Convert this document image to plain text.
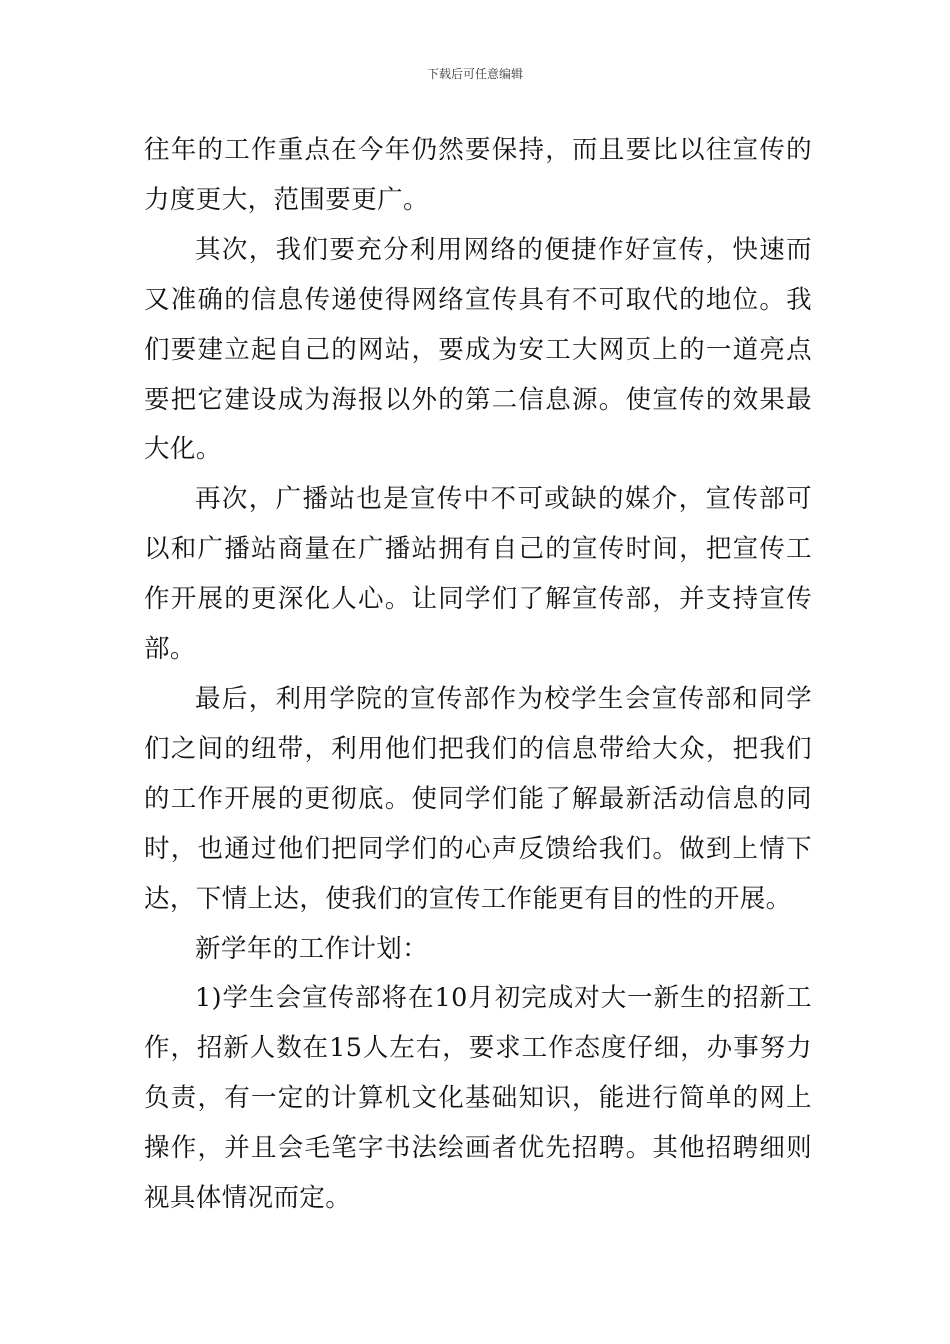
下载后可任意编辑

往年的工作重点在今年仍然要保持，而且要比以往宣传的力度更大，范围要更广。

其次，我们要充分利用网络的便捷作好宣传，快速而又准确的信息传递使得网络宣传具有不可取代的地位。我们要建立起自己的网站，要成为安工大网页上的一道亮点要把它建设成为海报以外的第二信息源。使宣传的效果最大化。

再次，广播站也是宣传中不可或缺的媒介，宣传部可以和广播站商量在广播站拥有自己的宣传时间，把宣传工作开展的更深化人心。让同学们了解宣传部，并支持宣传部。

最后，利用学院的宣传部作为校学生会宣传部和同学们之间的纽带，利用他们把我们的信息带给大众，把我们的工作开展的更彻底。使同学们能了解最新活动信息的同时，也通过他们把同学们的心声反馈给我们。做到上情下达，下情上达，使我们的宣传工作能更有目的性的开展。

新学年的工作计划：

1)学生会宣传部将在10月初完成对大一新生的招新工作，招新人数在15人左右，要求工作态度仔细，办事努力负责，有一定的计算机文化基础知识，能进行简单的网上操作，并且会毛笔字书法绘画者优先招聘。其他招聘细则视具体情况而定。
